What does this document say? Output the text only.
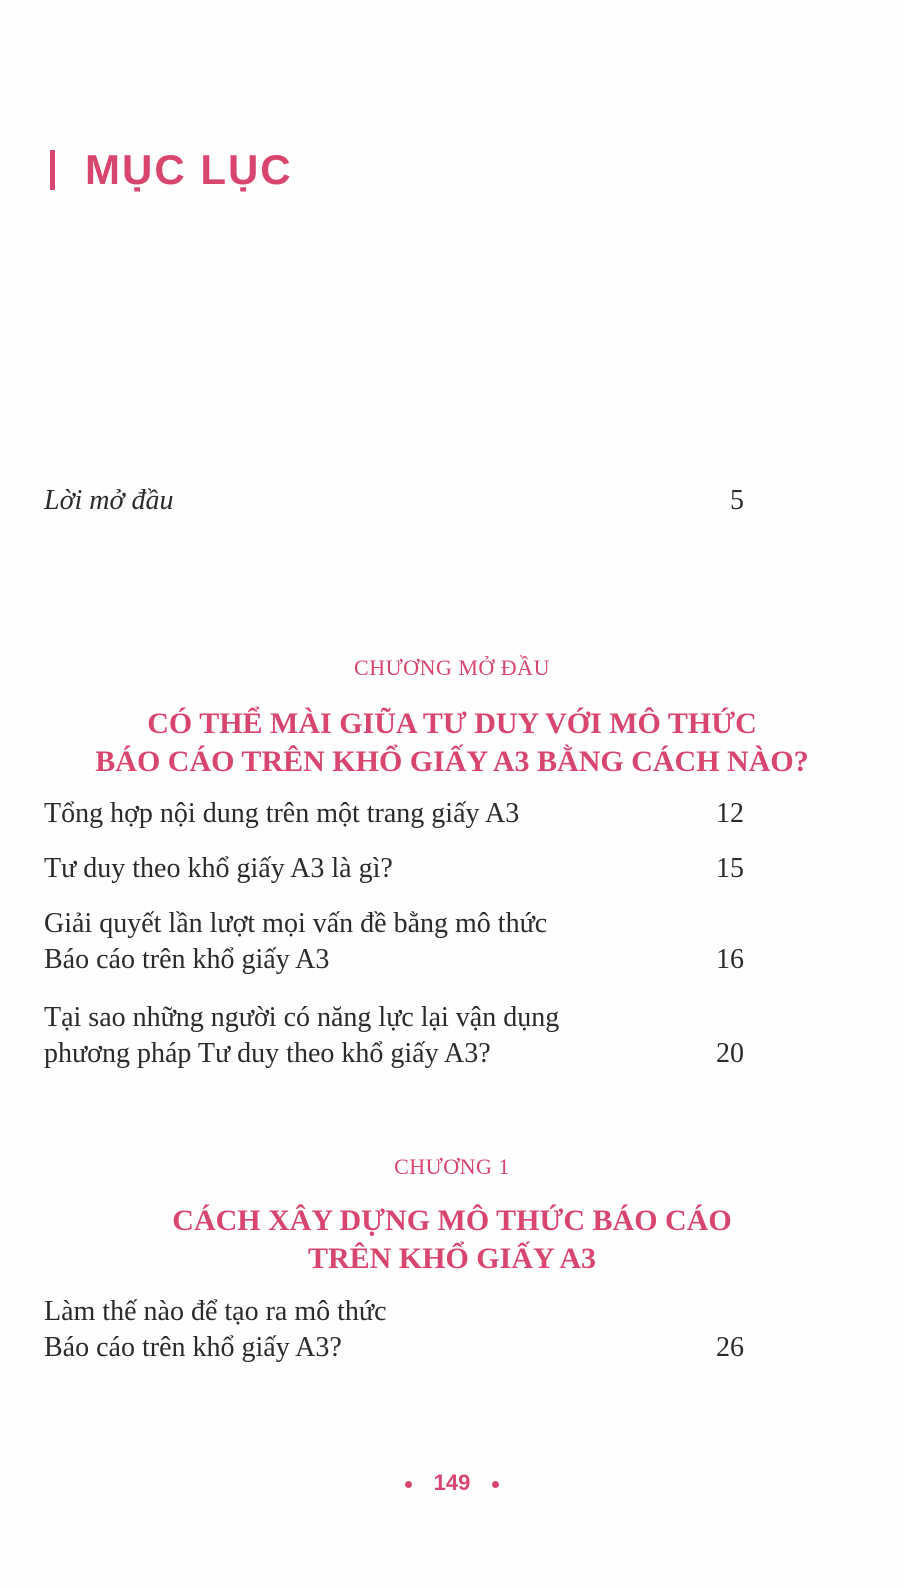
MỤC LỤC
Lời mở đầu	5
CHƯƠNG MỞ ĐẦU
CÓ THỂ MÀI GIŨA TƯ DUY VỚI MÔ THỨC
BÁO CÁO TRÊN KHỔ GIẤY A3 BẰNG CÁCH NÀO?
Tổng hợp nội dung trên một trang giấy A3	12
Tư duy theo khổ giấy A3 là gì?	15
Giải quyết lần lượt mọi vấn đề bằng mô thức
Báo cáo trên khổ giấy A3	16
Tại sao những người có năng lực lại vận dụng
phương pháp Tư duy theo khổ giấy A3?	20
CHƯƠNG 1
CÁCH XÂY DỰNG MÔ THỨC BÁO CÁO
TRÊN KHỔ GIẤY A3
Làm thế nào để tạo ra mô thức
Báo cáo trên khổ giấy A3?	26
149
